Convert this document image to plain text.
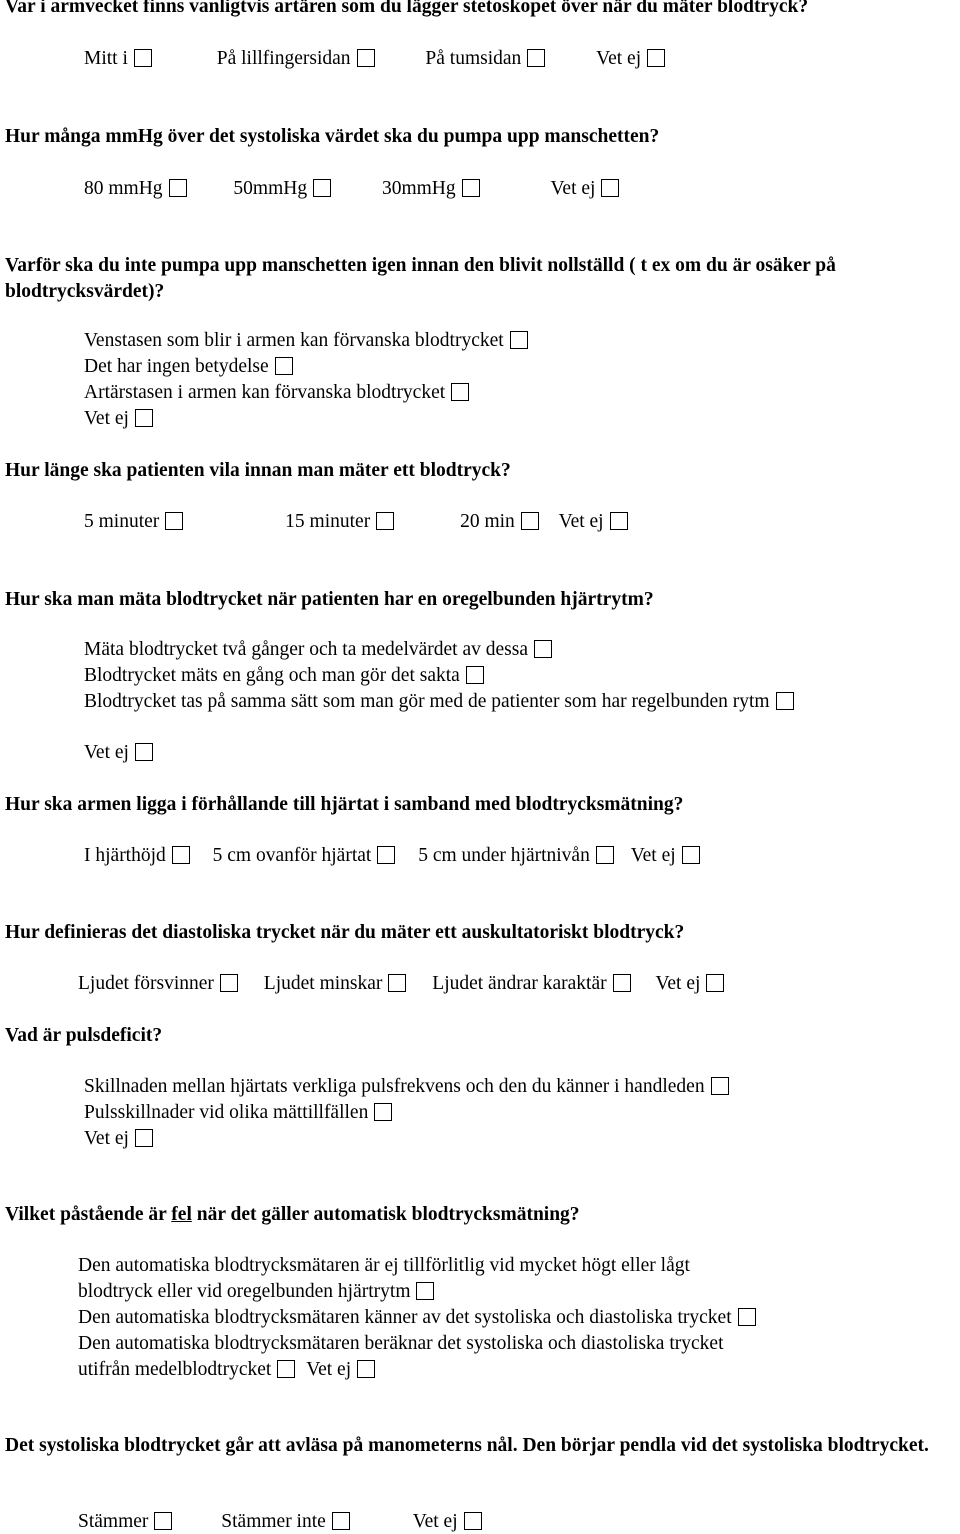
Var i armvecket finns vanligtvis artären som du lägger stetoskopet över när du mäter blodtryck?
Mitt i
	På lillfingersidan
	På tumsidan
	Vet ej
Hur många mmHg över det systoliska värdet ska du pumpa upp manschetten?
80 mmHg
	50mmHg
	30mmHg
	Vet ej
Varför ska du inte pumpa upp manschetten igen innan den blivit nollställd ( t ex om du är osäker på blodtrycksvärdet)?
Venstasen som blir i armen kan förvanska blodtrycket
Det har ingen betydelse
Artärstasen i armen kan förvanska blodtrycket
Vet ej
Hur länge ska patienten vila innan man mäter ett blodtryck?
5 minuter
	15 minuter
	20 min
Vet ej
Hur ska man mäta blodtrycket när patienten har en oregelbunden hjärtrytm?
Mäta blodtrycket två gånger och ta medelvärdet av dessa
Blodtrycket mäts en gång och man gör det sakta
Blodtrycket tas på samma sätt som man gör med de patienter som har regelbunden rytm
Vet ej
Hur ska armen ligga i förhållande till hjärtat i samband med blodtrycksmätning?
I hjärthöjd
5 cm ovanför hjärtat
5 cm under hjärtnivån
Vet ej
Hur definieras det diastoliska trycket när du mäter ett auskultatoriskt blodtryck?
Ljudet försvinner
	Ljudet minskar
	Ljudet ändrar karaktär
	Vet ej
Vad är pulsdeficit?
Skillnaden mellan hjärtats verkliga pulsfrekvens och den du känner i handleden
Pulsskillnader vid olika mättillfällen
Vet ej
Vilket påstående är fel när det gäller automatisk blodtrycksmätning?
Den automatiska blodtrycksmätaren är ej tillförlitlig vid mycket högt eller lågt
blodtryck eller vid oregelbunden hjärtrytm
Den automatiska blodtrycksmätaren känner av det systoliska och diastoliska trycket
Den automatiska blodtrycksmätaren beräknar det systoliska och diastoliska trycket
utifrån medelblodtrycket
Vet ej
Det systoliska blodtrycket går att avläsa på manometerns nål. Den börjar pendla vid det systoliska blodtrycket.
Stämmer
	Stämmer inte
	Vet ej
